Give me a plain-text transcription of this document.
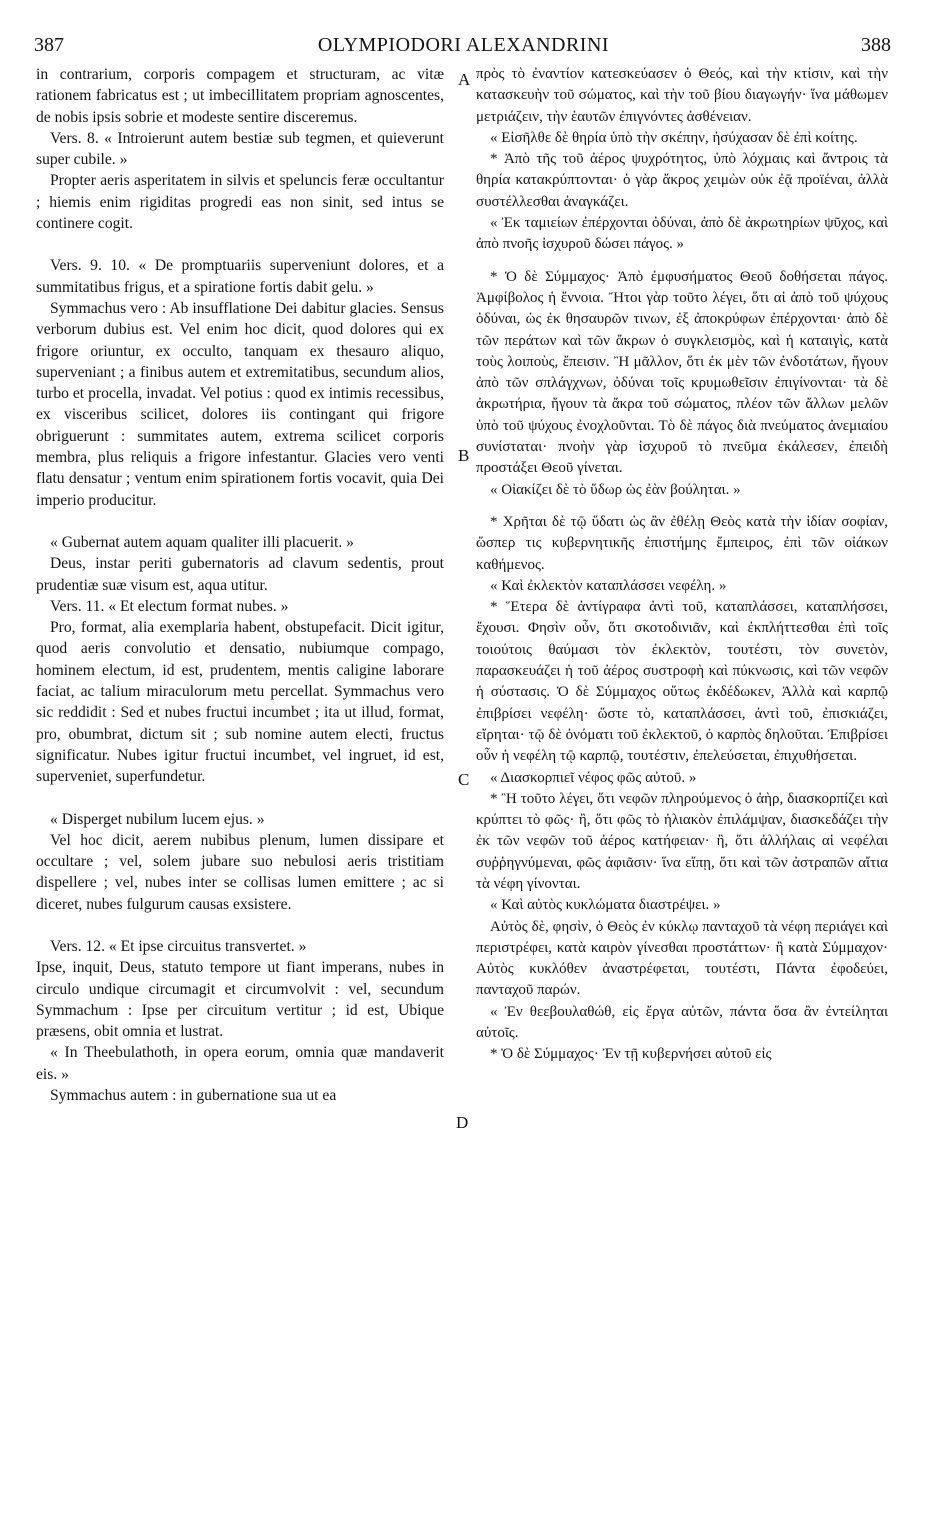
387	OLYMPIODORI ALEXANDRINI	388
A
B
C
D

in contrarium, corporis compagem et structuram, ac vitæ rationem fabricatus est ; ut imbecillitatem propriam agnoscentes, de nobis ipsis sobrie et modeste sentire disceremus.

Vers. 8. « Introierunt autem bestiæ sub tegmen, et quieverunt super cubile. »

Propter aeris asperitatem in silvis et speluncis feræ occultantur ; hiemis enim rigiditas progredi eas non sinit, sed intus se continere cogit.

Vers. 9. 10. « De promptuariis superveniunt dolores, et a summitatibus frigus, et a spiratione fortis dabit gelu. »

Symmachus vero : Ab insufflatione Dei dabitur glacies. Sensus verborum dubius est. Vel enim hoc dicit, quod dolores qui ex frigore oriuntur, ex occulto, tanquam ex thesauro aliquo, superveniant ; a finibus autem et extremitatibus, secundum alios, turbo et procella, invadat. Vel potius : quod ex intimis recessibus, ex visceribus scilicet, dolores iis contingant qui frigore obriguerunt : summitates autem, extrema scilicet corporis membra, plus reliquis a frigore infestantur. Glacies vero venti flatu densatur ; ventum enim spirationem fortis vocavit, quia Dei imperio producitur.

« Gubernat autem aquam qualiter illi placuerit. »

Deus, instar periti gubernatoris ad clavum sedentis, prout prudentiæ suæ visum est, aqua utitur.

Vers. 11. « Et electum format nubes. »

Pro, format, alia exemplaria habent, obstupefacit. Dicit igitur, quod aeris convolutio et densatio, nubiumque compago, hominem electum, id est, prudentem, mentis caligine laborare faciat, ac talium miraculorum metu percellat. Symmachus vero sic reddidit : Sed et nubes fructui incumbet ; ita ut illud, format, pro, obumbrat, dictum sit ; sub nomine autem electi, fructus significatur. Nubes igitur fructui incumbet, vel ingruet, id est, superveniet, superfundetur.

« Disperget nubilum lucem ejus. »

Vel hoc dicit, aerem nubibus plenum, lumen dissipare et occultare ; vel, solem jubare suo nebulosi aeris tristitiam dispellere ; vel, nubes inter se collisas lumen emittere ; ac si diceret, nubes fulgurum causas exsistere.

Vers. 12. « Et ipse circuitus transvertet. »

Ipse, inquit, Deus, statuto tempore ut fiant imperans, nubes in circulo undique circumagit et circumvolvit : vel, secundum Symmachum : Ipse per circuitum vertitur ; id est, Ubique præsens, obit omnia et lustrat.

« In Theebulathoth, in opera eorum, omnia quæ mandaverit eis. »

Symmachus autem : in gubernatione sua ut ea

πρὸς τὸ ἐναντίον κατεσκεύασεν ὁ Θεός, καὶ τὴν κτίσιν, καὶ τὴν κατασκευὴν τοῦ σώματος, καὶ τὴν τοῦ βίου διαγωγήν· ἵνα μάθωμεν μετριάζειν, τὴν ἑαυτῶν ἐπιγνόντες ἀσθένειαν.

« Εἰσῆλθε δὲ θηρία ὑπὸ τὴν σκέπην, ἡσύχασαν δὲ ἐπὶ κοίτης.

* Ἀπὸ τῆς τοῦ ἀέρος ψυχρότητος, ὑπὸ λόχμαις καὶ ἄντροις τὰ θηρία κατακρύπτονται· ὁ γὰρ ἄκρος χειμὼν οὐκ ἐᾷ προϊέναι, ἀλλὰ συστέλλεσθαι ἀναγκάζει.

« Ἐκ ταμιείων ἐπέρχονται ὀδύναι, ἀπὸ δὲ ἀκρωτηρίων ψῦχος, καὶ ἀπὸ πνοῆς ἰσχυροῦ δώσει πάγος. »

* Ὁ δὲ Σύμμαχος· Ἀπὸ ἐμφυσήματος Θεοῦ δοθήσεται πάγος. Ἀμφίβολος ἡ ἔννοια. Ἤτοι γὰρ τοῦτο λέγει, ὅτι αἱ ἀπὸ τοῦ ψύχους ὀδύναι, ὡς ἐκ θησαυρῶν τινων, ἐξ ἀποκρύφων ἐπέρχονται· ἀπὸ δὲ τῶν περάτων καὶ τῶν ἄκρων ὁ συγκλεισμὸς, καὶ ἡ καταιγὶς, κατὰ τοὺς λοιποὺς, ἔπεισιν. Ἢ μᾶλλον, ὅτι ἐκ μὲν τῶν ἐνδοτάτων, ἤγουν ἀπὸ τῶν σπλάγχνων, ὀδύναι τοῖς κρυμωθεῖσιν ἐπιγίνονται· τὰ δὲ ἀκρωτήρια, ἤγουν τὰ ἄκρα τοῦ σώματος, πλέον τῶν ἄλλων μελῶν ὑπὸ τοῦ ψύχους ἐνοχλοῦνται. Τὸ δὲ πάγος διὰ πνεύματος ἀνεμιαίου συνίσταται· πνοὴν γὰρ ἰσχυροῦ τὸ πνεῦμα ἐκάλεσεν, ἐπειδὴ προστάξει Θεοῦ γίνεται.

« Οἰακίζει δὲ τὸ ὕδωρ ὡς ἐὰν βούληται. »

* Χρῆται δὲ τῷ ὕδατι ὡς ἂν ἐθέλῃ Θεὸς κατὰ τὴν ἰδίαν σοφίαν, ὥσπερ τις κυβερνητικῆς ἐπιστήμης ἔμπειρος, ἐπὶ τῶν οἰάκων καθήμενος.

« Καὶ ἐκλεκτὸν καταπλάσσει νεφέλη. »

* Ἕτερα δὲ ἀντίγραφα ἀντὶ τοῦ, καταπλάσσει, καταπλήσσει, ἔχουσι. Φησὶν οὖν, ὅτι σκοτοδινιᾶν, καὶ ἐκπλήττεσθαι ἐπὶ τοῖς τοιούτοις θαύμασι τὸν ἐκλεκτὸν, τουτέστι, τὸν συνετὸν, παρασκευάζει ἡ τοῦ ἀέρος συστροφὴ καὶ πύκνωσις, καὶ τῶν νεφῶν ἡ σύστασις. Ὁ δὲ Σύμμαχος οὕτως ἐκδέδωκεν, Ἀλλὰ καὶ καρπῷ ἐπιβρίσει νεφέλη· ὥστε τὸ, καταπλάσσει, ἀντὶ τοῦ, ἐπισκιάζει, εἴρηται· τῷ δὲ ὀνόματι τοῦ ἐκλεκτοῦ, ὁ καρπὸς δηλοῦται. Ἐπιβρίσει οὖν ἡ νεφέλη τῷ καρπῷ, τουτέστιν, ἐπελεύσεται, ἐπιχυθήσεται.

« Διασκορπιεῖ νέφος φῶς αὐτοῦ. »

* Ἢ τοῦτο λέγει, ὅτι νεφῶν πληρούμενος ὁ ἀὴρ, διασκορπίζει καὶ κρύπτει τὸ φῶς· ἢ, ὅτι φῶς τὸ ἡλιακὸν ἐπιλάμψαν, διασκεδάζει τὴν ἐκ τῶν νεφῶν τοῦ ἀέρος κατήφειαν· ἢ, ὅτι ἀλλήλαις αἱ νεφέλαι συῤῥηγνύμεναι, φῶς ἀφιᾶσιν· ἵνα εἴπῃ, ὅτι καὶ τῶν ἀστραπῶν αἴτια τὰ νέφη γίνονται.

« Καὶ αὐτὸς κυκλώματα διαστρέψει. »

Αὐτὸς δὲ, φησὶν, ὁ Θεὸς ἐν κύκλῳ πανταχοῦ τὰ νέφη περιάγει καὶ περιστρέφει, κατὰ καιρὸν γίνεσθαι προστάττων· ἢ κατὰ Σύμμαχον· Αὐτὸς κυκλόθεν ἀναστρέφεται, τουτέστι, Πάντα ἐφοδεύει, πανταχοῦ παρών.

« Ἐν θεεβουλαθώθ, εἰς ἔργα αὐτῶν, πάντα ὅσα ἂν ἐντείληται αὐτοῖς.

* Ὁ δὲ Σύμμαχος· Ἐν τῇ κυβερνήσει αὐτοῦ εἰς
